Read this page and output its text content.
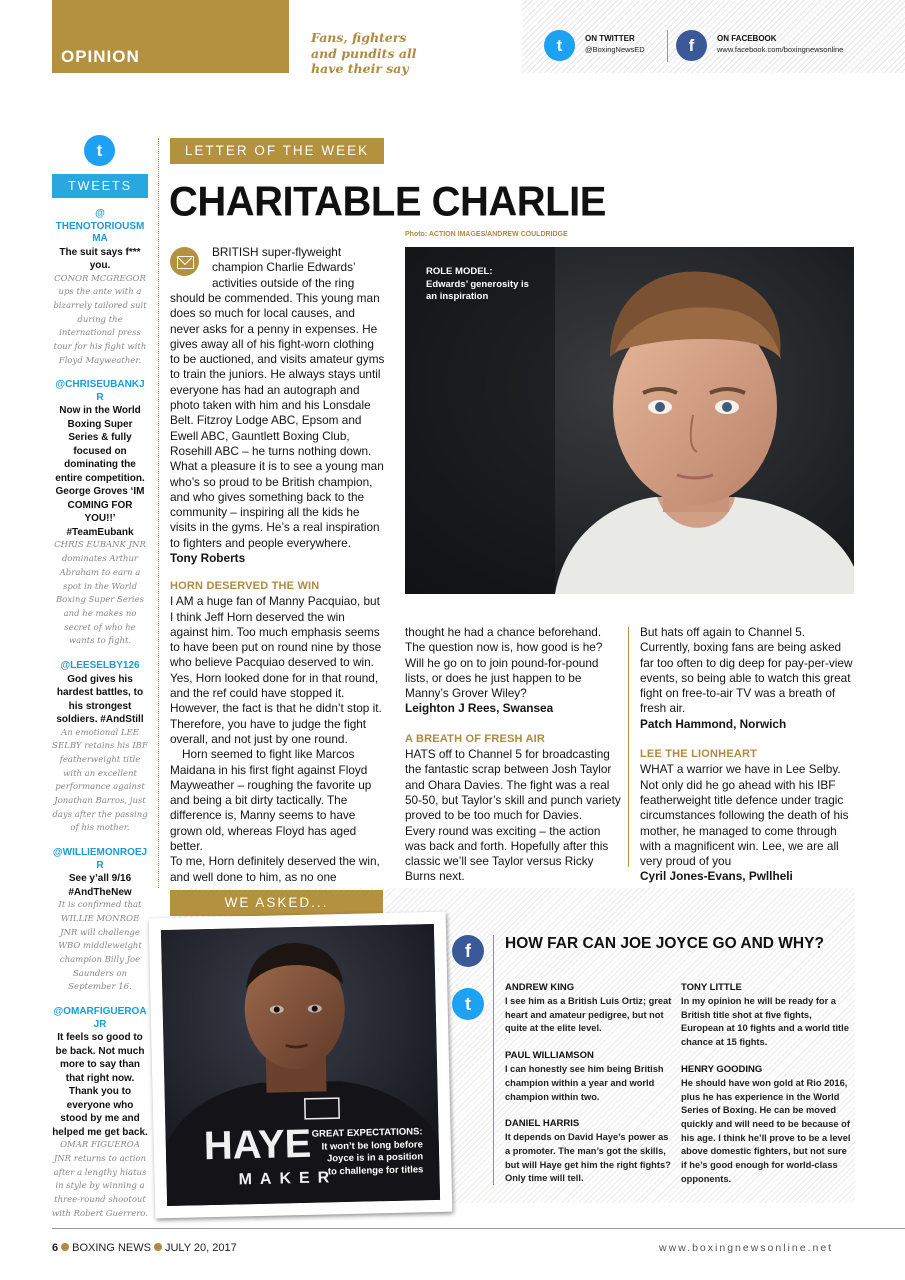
OPINION
Fans, fighters and pundits all have their say
t	ON TWITTER
@BoxingNewsED	f	ON FACEBOOK
www.facebook.com/boxingnewsonline
t
TWEETS
@ THENOTORIOUSMMA
The suit says f*** you.
CONOR MCGREGOR ups the ante with a bizarrely tailored suit during the international press tour for his fight with Floyd Mayweather.
@CHRISEUBANKJR
Now in the World Boxing Super Series & fully focused on dominating the entire competition. George Groves ‘IM COMING FOR YOU!!’ #TeamEubank
CHRIS EUBANK JNR dominates Arthur Abraham to earn a spot in the World Boxing Super Series and he makes no secret of who he wants to fight.
@LEESELBY126
God gives his hardest battles, to his strongest soldiers. #AndStill
An emotional LEE SELBY retains his IBF featherweight title with an excellent performance against Jonathan Barros, just days after the passing of his mother.
@WILLIEMONROEJR
See y’all 9/16 #AndTheNew
It is confirmed that WILLIE MONROE JNR will challenge WBO middleweight champion Billy Joe Saunders on September 16.
@OMARFIGUEROAJR
It feels so good to be back. Not much more to say than that right now. Thank you to everyone who stood by me and helped me get back.
OMAR FIGUEROA JNR returns to action after a lengthy hiatus in style by winning a three-round shootout with Robert Guerrero.
LETTER OF THE WEEK
CHARITABLE CHARLIE
Photo: ACTION IMAGES/ANDREW COULDRIDGE
BRITISH super-flyweight champion Charlie Edwards’ activities outside of the ring

should be commended. This young man does so much for local causes, and never asks for a penny in expenses. He gives away all of his fight-worn clothing to be auctioned, and visits amateur gyms to train the juniors. He always stays until everyone has had an autograph and photo taken with him and his Lonsdale Belt. Fitzroy Lodge ABC, Epsom and Ewell ABC, Gauntlett Boxing Club, Rosehill ABC – he turns nothing down. What a pleasure it is to see a young man who’s so proud to be British champion, and who gives something back to the community – inspiring all the kids he visits in the gyms. He’s a real inspiration to fighters and people everywhere.

Tony Roberts

HORN DESERVED THE WIN

I AM a huge fan of Manny Pacquiao, but I think Jeff Horn deserved the win against him. Too much emphasis seems to have been put on round nine by those who believe Pacquiao deserved to win. Yes, Horn looked done for in that round, and the ref could have stopped it. However, the fact is that he didn’t stop it. Therefore, you have to judge the fight overall, and not just by one round.

Horn seemed to fight like Marcos Maidana in his first fight against Floyd Mayweather – roughing the favorite up and being a bit dirty tactically. The difference is, Manny seems to have grown old, whereas Floyd has aged better.

To me, Horn definitely deserved the win, and well done to him, as no one

ROLE MODEL:
Edwards’ generosity is
an inspiration

thought he had a chance beforehand. The question now is, how good is he? Will he go on to join pound-for-pound lists, or does he just happen to be Manny’s Grover Wiley?

Leighton J Rees, Swansea

A BREATH OF FRESH AIR

HATS off to Channel 5 for broadcasting the fantastic scrap between Josh Taylor and Ohara Davies. The fight was a real 50-50, but Taylor’s skill and punch variety proved to be too much for Davies.

Every round was exciting – the action was back and forth. Hopefully after this classic we’ll see Taylor versus Ricky Burns next.

But hats off again to Channel 5. Currently, boxing fans are being asked far too often to dig deep for pay-per-view events, so being able to watch this great fight on free-to-air TV was a breath of fresh air.

Patch Hammond, Norwich

LEE THE LIONHEART

WHAT a warrior we have in Lee Selby. Not only did he go ahead with his IBF featherweight title defence under tragic circumstances following the death of his mother, he managed to come through with a magnificent win. Lee, we are all very proud of you

Cyril Jones-Evans, Pwllheli

WE ASKED...
HAYE
MAKER
GREAT EXPECTATIONS:
It won’t be long before
Joyce is in a position
to challenge for titles
f
t
HOW FAR CAN JOE JOYCE GO AND WHY?
ANDREW KING
I see him as a British Luis Ortiz; great heart and amateur pedigree, but not quite at the elite level.
PAUL WILLIAMSON
I can honestly see him being British champion within a year and world champion within two.
DANIEL HARRIS
It depends on David Haye’s power as a promoter. The man’s got the skills, but will Haye get him the right fights? Only time will tell.
TONY LITTLE
In my opinion he will be ready for a British title shot at five fights, European at 10 fights and a world title chance at 15 fights.
HENRY GOODING
He should have won gold at Rio 2016, plus he has experience in the World Series of Boxing. He can be moved quickly and will need to be because of his age. I think he’ll prove to be a level above domestic fighters, but not sure if he’s good enough for world-class opponents.
6 BOXING NEWS JULY 20, 2017	www.boxingnewsonline.net
